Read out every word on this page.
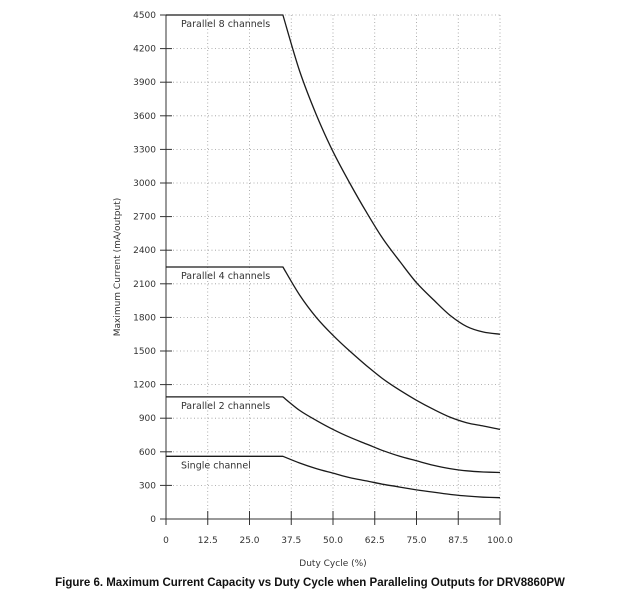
0
300
600
900
1200
1500
1800
2100
2400
2700
3000
3300
3600
3900
4200
4500
0	12.5 25.0 37.5 50.0 62.5 75.0 87.5 100.0
Parallel 8 channels
Parallel 4 channels
Parallel 2 channels
Single channel
Duty Cycle (%)
Maximum Current (mA/output)
Figure 6. Maximum Current Capacity vs Duty Cycle when Paralleling Outputs for DRV8860PW
